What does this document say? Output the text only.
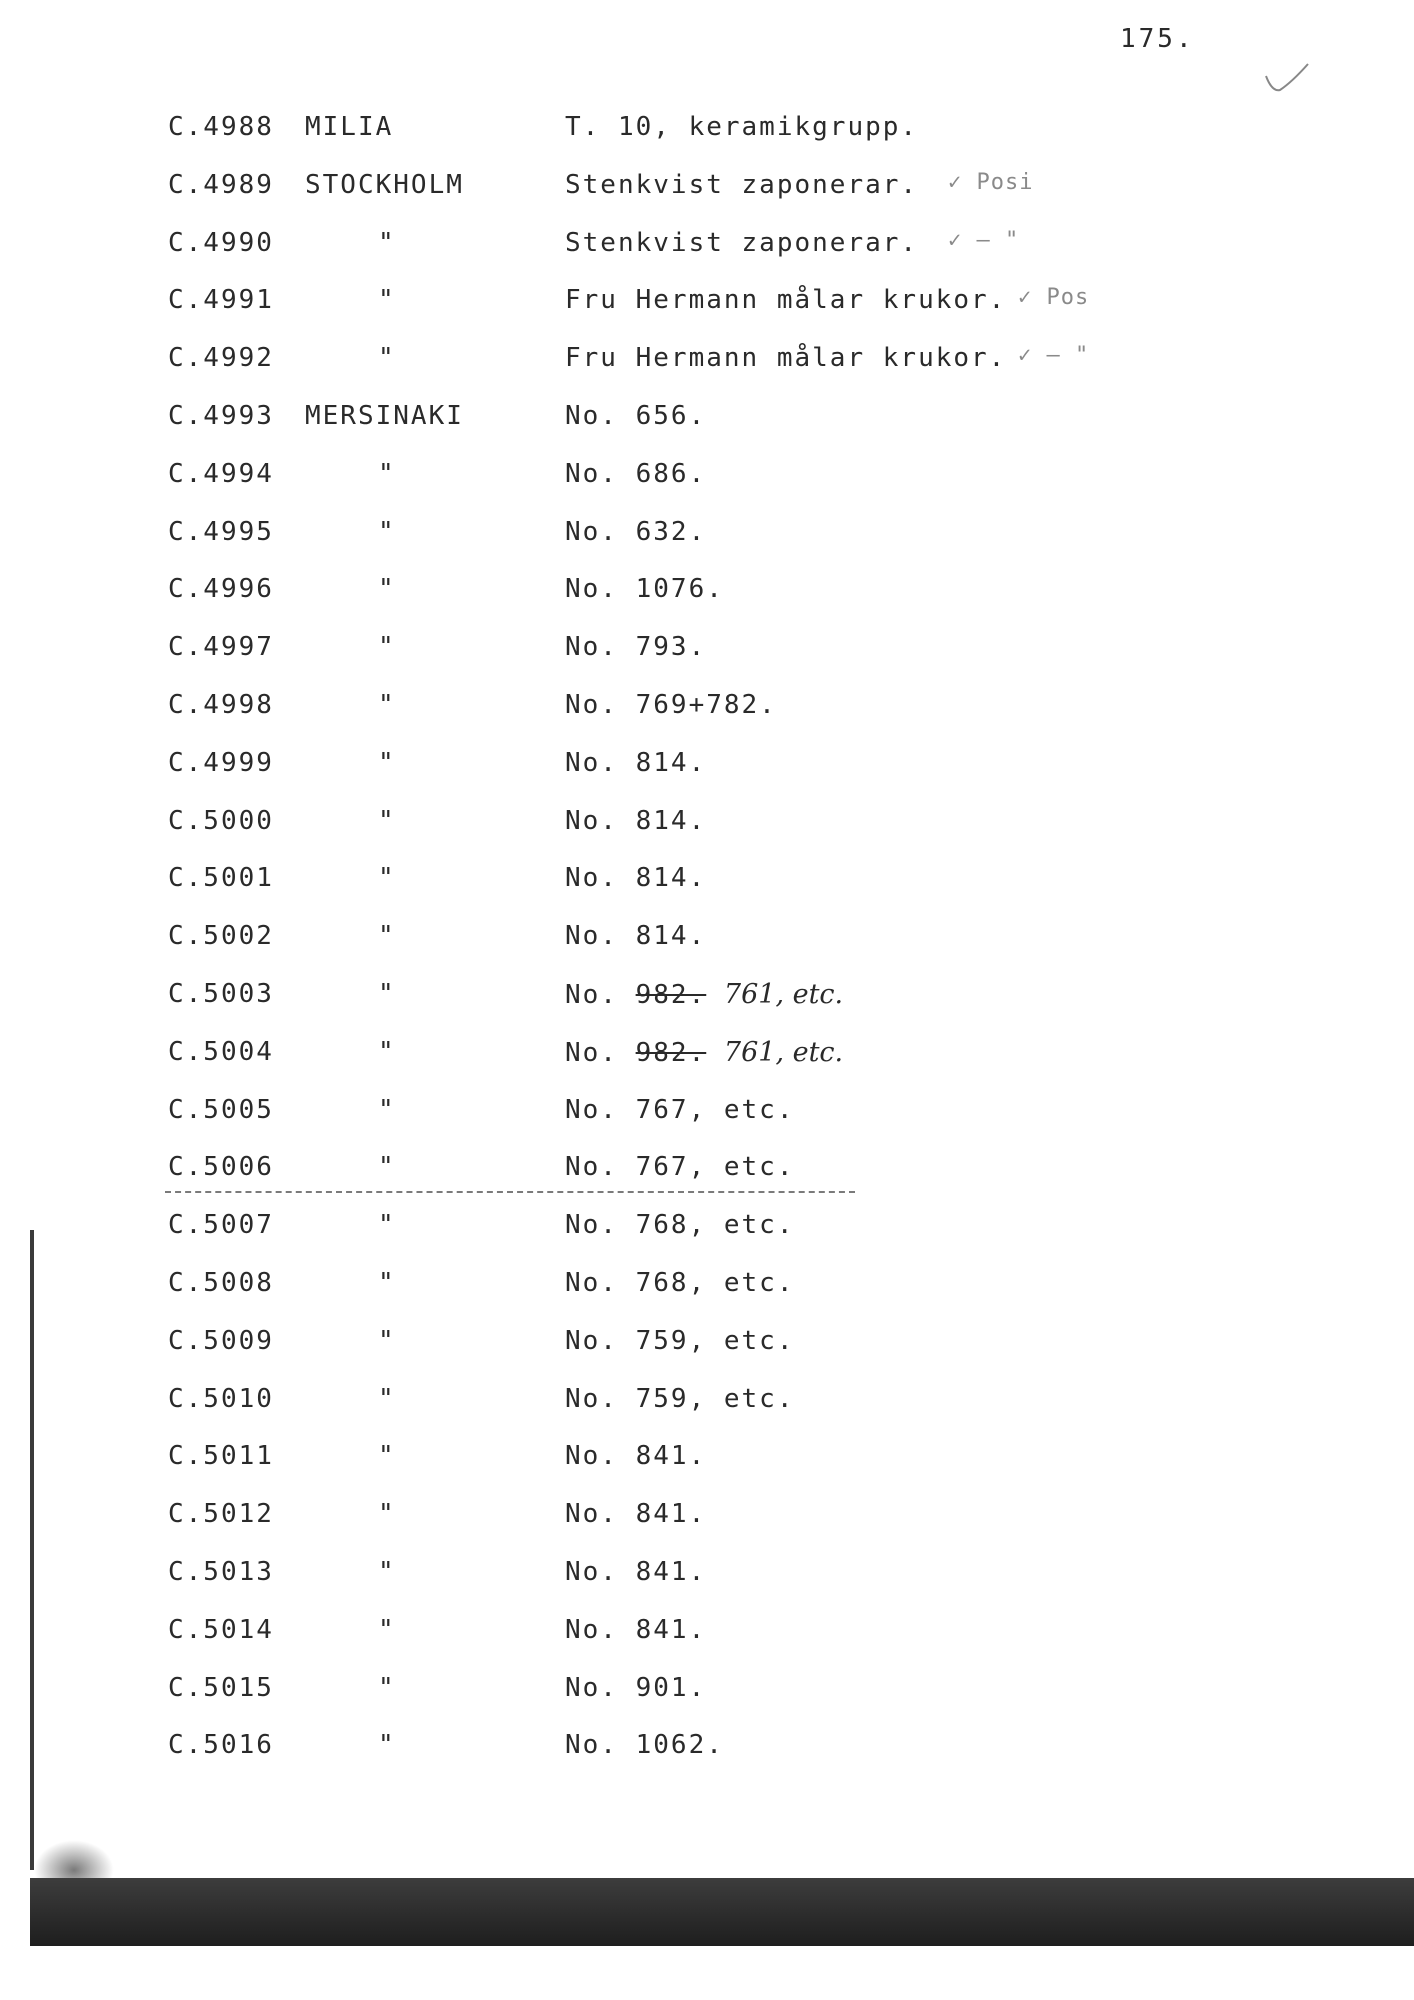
175.
C.4988 MILIA	T. 10, keramikgrupp.
C.4989 STOCKHOLM	Stenkvist zaponerar. ✓ Posi
C.4990	"	Stenkvist zaponerar. ✓ – "
C.4991	"	Fru Hermann målar krukor. ✓ Pos
C.4992	"	Fru Hermann målar krukor. ✓ – "
C.4993 MERSINAKI	No. 656.
C.4994	"	No. 686.
C.4995	"	No. 632.
C.4996	"	No. 1076.
C.4997	"	No. 793.
C.4998	"	No. 769+782.
C.4999	"	No. 814.
C.5000	"	No. 814.
C.5001	"	No. 814.
C.5002	"	No. 814.
C.5003	"	No. 982. 761, etc.
C.5004	"	No. 982. 761, etc.
C.5005	"	No. 767, etc.
C.5006	"	No. 767, etc.
C.5007	"	No. 768, etc.
C.5008	"	No. 768, etc.
C.5009	"	No. 759, etc.
C.5010	"	No. 759, etc.
C.5011	"	No. 841.
C.5012	"	No. 841.
C.5013	"	No. 841.
C.5014	"	No. 841.
C.5015	"	No. 901.
C.5016	"	No. 1062.
